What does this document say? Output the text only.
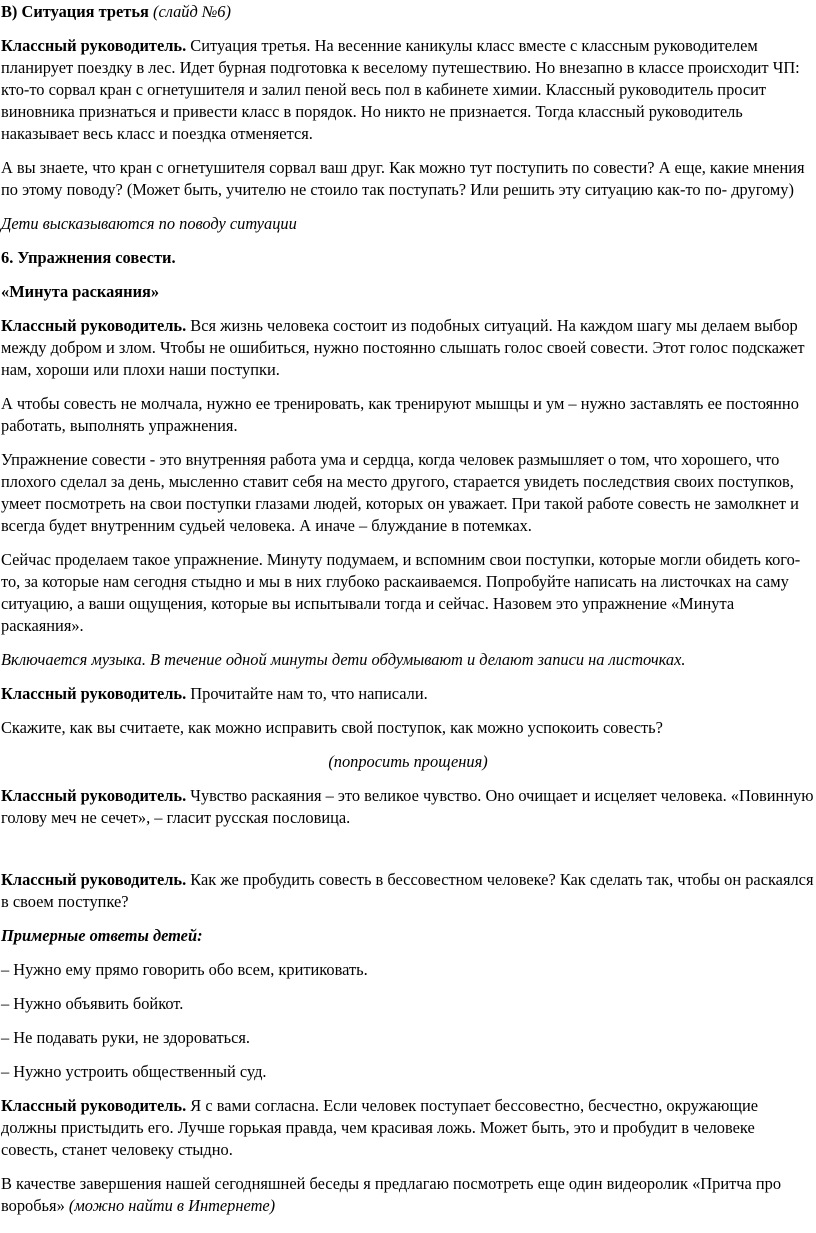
В) Ситуация третья (слайд №6)

Классный руководитель. Ситуация третья. На весенние каникулы класс вместе с классным руководителем планирует поездку в лес. Идет бурная подготовка к веселому путешествию. Но внезапно в классе происходит ЧП: кто-то сорвал кран с огнетушителя и залил пеной весь пол в кабинете химии. Классный руководитель просит виновника признаться и привести класс в порядок. Но никто не признается. Тогда классный руководитель наказывает весь класс и поездка отменяется.

А вы знаете, что кран с огнетушителя сорвал ваш друг. Как можно тут поступить по совести? А еще, какие мнения по этому поводу? (Может быть, учителю не стоило так поступать? Или решить эту ситуацию как-то по- другому)

Дети высказываются по поводу ситуации

6. Упражнения совести.

«Минута раскаяния»

Классный руководитель. Вся жизнь человека состоит из подобных ситуаций. На каждом шагу мы делаем выбор между добром и злом. Чтобы не ошибиться, нужно постоянно слышать голос своей совести. Этот голос подскажет нам, хороши или плохи наши поступки.

А чтобы совесть не молчала, нужно ее тренировать, как тренируют мышцы и ум – нужно заставлять ее постоянно работать, выполнять упражнения.

Упражнение совести - это внутренняя работа ума и сердца, когда человек размышляет о том, что хорошего, что плохого сделал за день, мысленно ставит себя на место другого, старается увидеть последствия своих поступков, умеет посмотреть на свои поступки глазами людей, которых он уважает. При такой работе совесть не замолкнет и всегда будет внутренним судьей человека. А иначе – блуждание в потемках.

Сейчас проделаем такое упражнение. Минуту подумаем, и вспомним свои поступки, которые могли обидеть кого-то, за которые нам сегодня стыдно и мы в них глубоко раскаиваемся. Попробуйте написать на листочках на саму ситуацию, а ваши ощущения, которые вы испытывали тогда и сейчас. Назовем это упражнение «Минута раскаяния».

Включается музыка. В течение одной минуты дети обдумывают и делают записи на листочках.

Классный руководитель. Прочитайте нам то, что написали.

Скажите, как вы считаете, как можно исправить свой поступок, как можно успокоить совесть?

(попросить прощения)

Классный руководитель. Чувство раскаяния – это великое чувство. Оно очищает и исцеляет человека. «Повинную голову меч не сечет», – гласит русская пословица.

Классный руководитель. Как же пробудить совесть в бессовестном человеке? Как сделать так, чтобы он раскаялся в своем поступке?

Примерные ответы детей:

– Нужно ему прямо говорить обо всем, критиковать.

– Нужно объявить бойкот.

– Не подавать руки, не здороваться.

– Нужно устроить общественный суд.

Классный руководитель. Я с вами согласна. Если человек поступает бессовестно, бесчестно, окружающие должны пристыдить его. Лучше горькая правда, чем красивая ложь. Может быть, это и пробудит в человеке совесть, станет человеку стыдно.

В качестве завершения нашей сегодняшней беседы я предлагаю посмотреть еще один видеоролик «Притча про воробья» (можно найти в Интернете)
